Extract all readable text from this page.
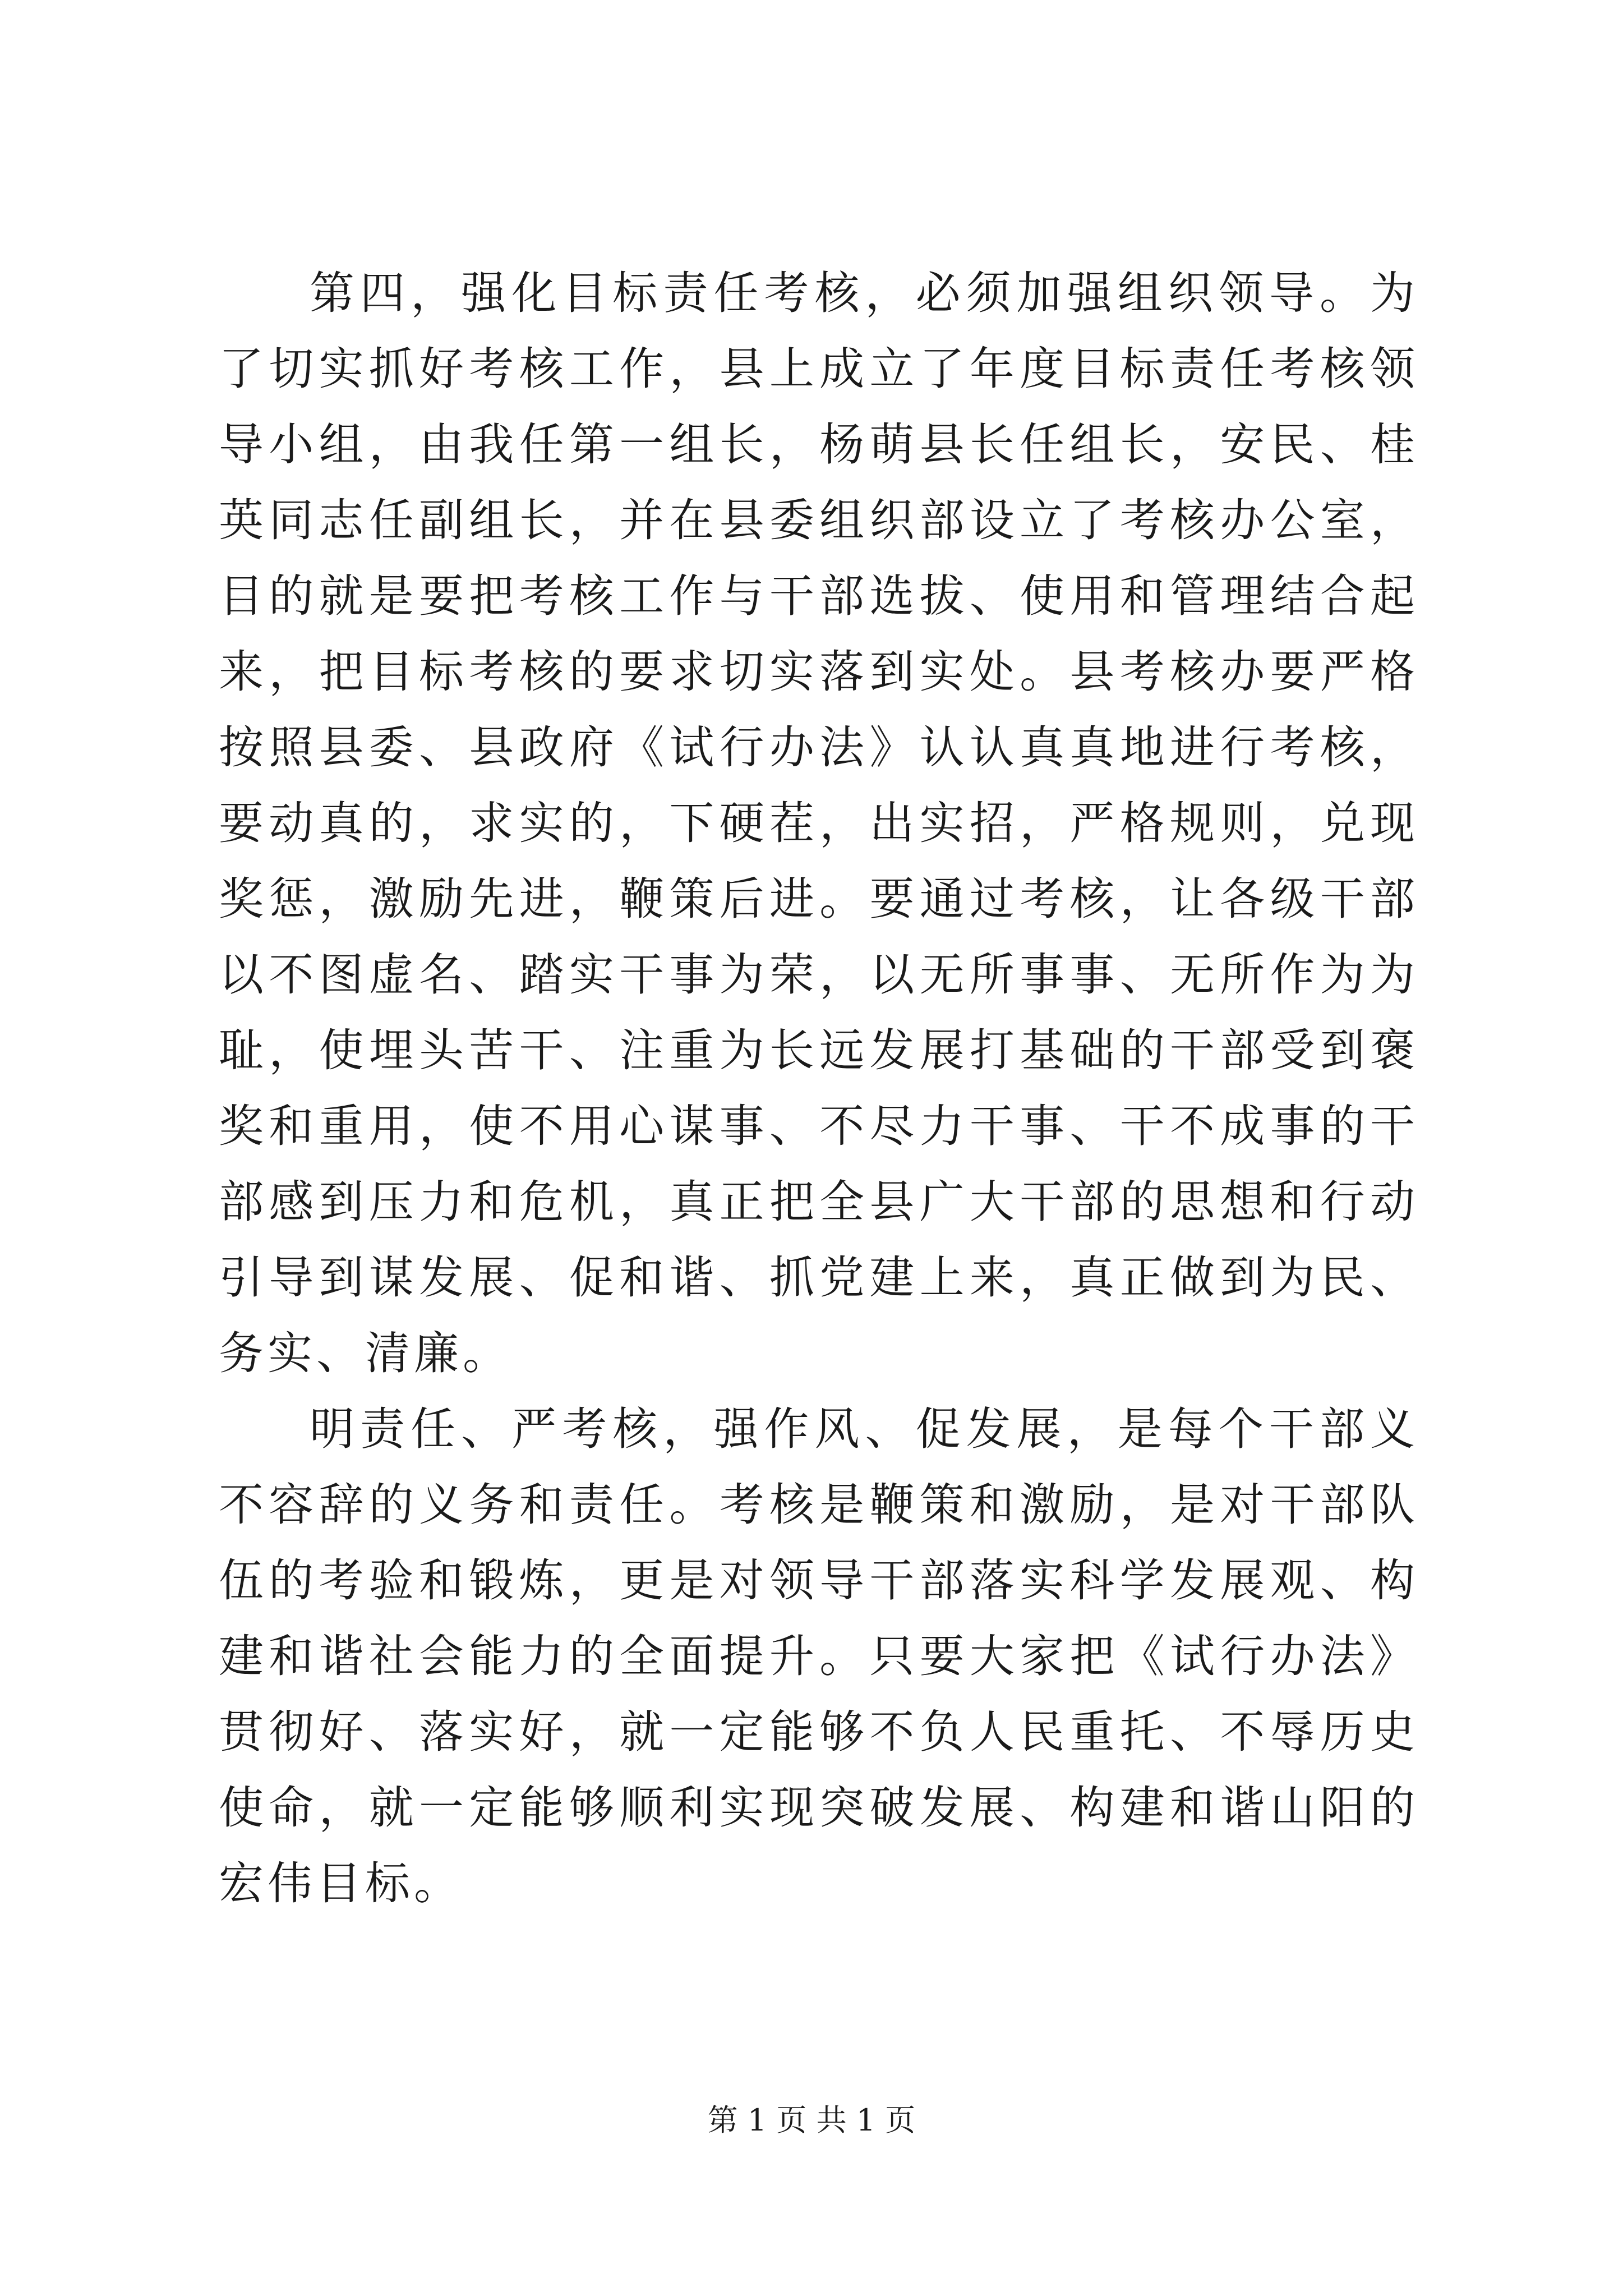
第四，强化目标责任考核，必须加强组织领导。为了切实抓好考核工作，县上成立了年度目标责任考核领导小组，由我任第一组长，杨萌县长任组长，安民、桂英同志任副组长，并在县委组织部设立了考核办公室，目的就是要把考核工作与干部选拔、使用和管理结合起来，把目标考核的要求切实落到实处。县考核办要严格按照县委、县政府《试行办法》认认真真地进行考核，要动真的，求实的，下硬茬，出实招，严格规则，兑现奖惩，激励先进，鞭策后进。要通过考核，让各级干部以不图虚名、踏实干事为荣，以无所事事、无所作为为耻，使埋头苦干、注重为长远发展打基础的干部受到褒奖和重用，使不用心谋事、不尽力干事、干不成事的干部感到压力和危机，真正把全县广大干部的思想和行动引导到谋发展、促和谐、抓党建上来，真正做到为民、务实、清廉。

明责任、严考核，强作风、促发展，是每个干部义不容辞的义务和责任。考核是鞭策和激励，是对干部队伍的考验和锻炼，更是对领导干部落实科学发展观、构建和谐社会能力的全面提升。只要大家把《试行办法》贯彻好、落实好，就一定能够不负人民重托、不辱历史使命，就一定能够顺利实现突破发展、构建和谐山阳的宏伟目标。

第 1 页 共 1 页
